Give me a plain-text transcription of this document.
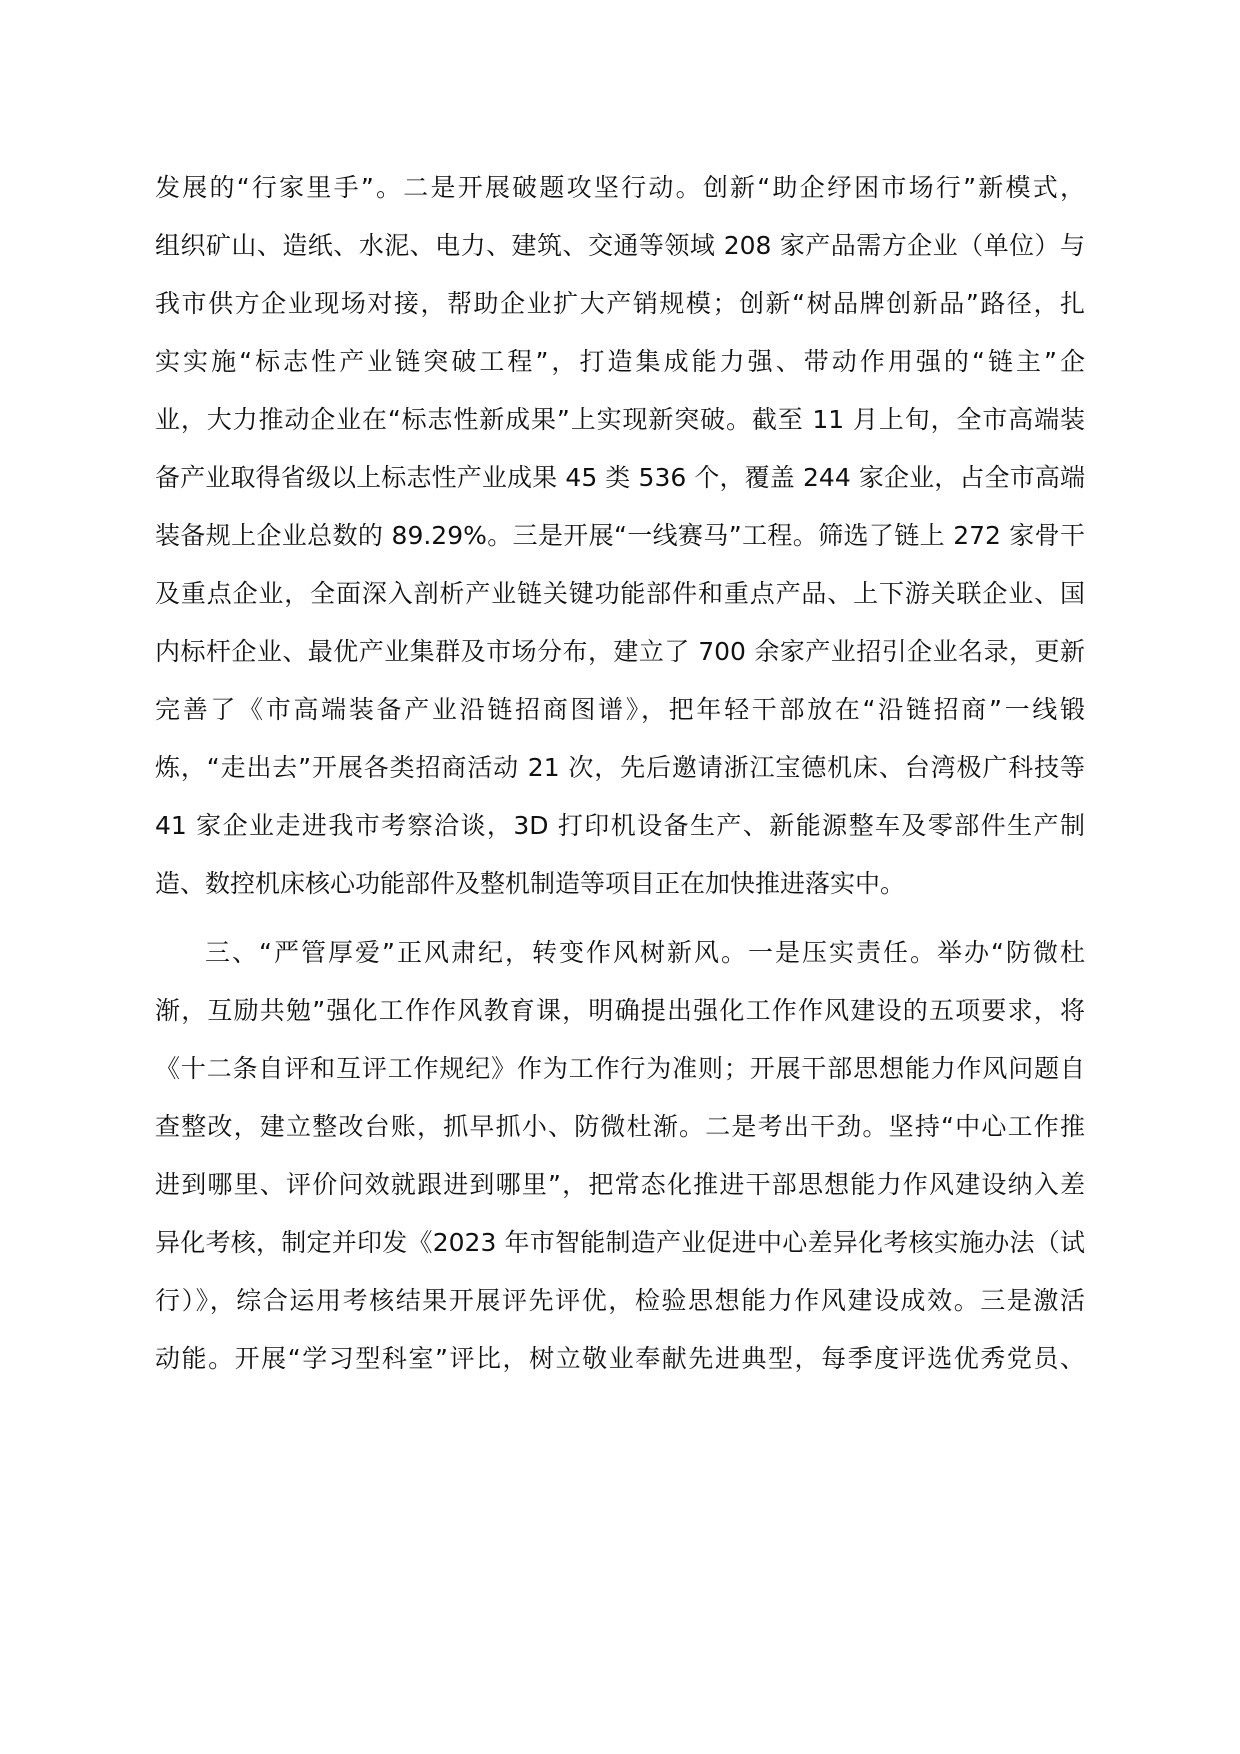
发展的“行家里手”。二是开展破题攻坚行动。创新“助企纾困市场行”新模式，
组织矿山、造纸、水泥、电力、建筑、交通等领域 208 家产品需方企业（单位）与
我市供方企业现场对接，帮助企业扩大产销规模；创新“树品牌创新品”路径，扎
实实施“标志性产业链突破工程”，打造集成能力强、带动作用强的“链主”企
业，大力推动企业在“标志性新成果”上实现新突破。截至 11 月上旬，全市高端装
备产业取得省级以上标志性产业成果 45 类 536 个，覆盖 244 家企业，占全市高端
装备规上企业总数的 89.29%。三是开展“一线赛马”工程。筛选了链上 272 家骨干
及重点企业，全面深入剖析产业链关键功能部件和重点产品、上下游关联企业、国
内标杆企业、最优产业集群及市场分布，建立了 700 余家产业招引企业名录，更新
完善了《市高端装备产业沿链招商图谱》，把年轻干部放在“沿链招商”一线锻
炼，“走出去”开展各类招商活动 21 次，先后邀请浙江宝德机床、台湾极广科技等
41 家企业走进我市考察洽谈，3D 打印机设备生产、新能源整车及零部件生产制
造、数控机床核心功能部件及整机制造等项目正在加快推进落实中。
三、“严管厚爱”正风肃纪，转变作风树新风。一是压实责任。举办“防微杜
渐，互励共勉”强化工作作风教育课，明确提出强化工作作风建设的五项要求，将
《十二条自评和互评工作规纪》作为工作行为准则；开展干部思想能力作风问题自
查整改，建立整改台账，抓早抓小、防微杜渐。二是考出干劲。坚持“中心工作推
进到哪里、评价问效就跟进到哪里”，把常态化推进干部思想能力作风建设纳入差
异化考核，制定并印发《2023 年市智能制造产业促进中心差异化考核实施办法（试
行）》，综合运用考核结果开展评先评优，检验思想能力作风建设成效。三是激活
动能。开展“学习型科室”评比，树立敬业奉献先进典型，每季度评选优秀党员、
